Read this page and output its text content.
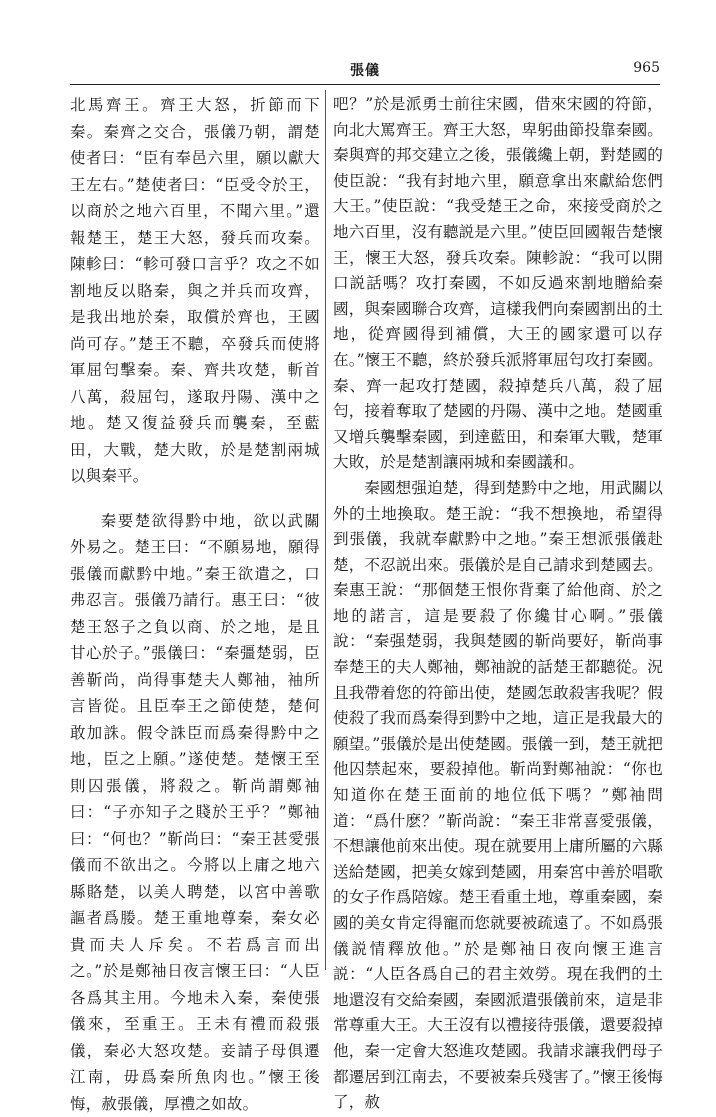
張儀	965

北馬齊王。齊王大怒，折節而下秦。秦齊之交合，張儀乃朝，謂楚使者曰：“臣有奉邑六里，願以獻大王左右。”楚使者曰：“臣受令於王，以商於之地六百里，不聞六里。”還報楚王，楚王大怒，發兵而攻秦。陳軫曰：“軫可發口言乎？攻之不如割地反以賂秦，與之并兵而攻齊，是我出地於秦，取償於齊也，王國尚可存。”楚王不聽，卒發兵而使將軍屈匄擊秦。秦、齊共攻楚，斬首八萬，殺屈匄，遂取丹陽、漢中之地。楚又復益發兵而襲秦，至藍田，大戰，楚大敗，於是楚割兩城以與秦平。

秦要楚欲得黔中地，欲以武關外易之。楚王曰：“不願易地，願得張儀而獻黔中地。”秦王欲遣之，口弗忍言。張儀乃請行。惠王曰：“彼楚王怒子之負以商、於之地，是且甘心於子。”張儀曰：“秦彊楚弱，臣善靳尚，尚得事楚夫人鄭袖，袖所言皆從。且臣奉王之節使楚，楚何敢加誅。假令誅臣而爲秦得黔中之地，臣之上願。”遂使楚。楚懷王至則囚張儀，將殺之。靳尚謂鄭袖曰：“子亦知子之賤於王乎？”鄭袖曰：“何也？”靳尚曰：“秦王甚愛張儀而不欲出之。今將以上庸之地六縣賂楚，以美人聘楚，以宮中善歌謳者爲媵。楚王重地尊秦，秦女必貴而夫人斥矣。不若爲言而出之。”於是鄭袖日夜言懷王曰：“人臣各爲其主用。今地未入秦，秦使張儀來，至重王。王未有禮而殺張儀，秦必大怒攻楚。妾請子母俱遷江南，毋爲秦所魚肉也。”懷王後悔，赦張儀，厚禮之如故。

吧？”於是派勇士前往宋國，借來宋國的符節，向北大罵齊王。齊王大怒，卑躬曲節投靠秦國。秦與齊的邦交建立之後，張儀纔上朝，對楚國的使臣說：“我有封地六里，願意拿出來獻給您們大王。”使臣說：“我受楚王之命，來接受商於之地六百里，沒有聽説是六里。”使臣回國報告楚懷王，懷王大怒，發兵攻秦。陳軫說：“我可以開口説話嗎？攻打秦國，不如反過來割地贈給秦國，與秦國聯合攻齊，這樣我們向秦國割出的土地，從齊國得到補償，大王的國家還可以存在。”懷王不聽，終於發兵派將軍屈匄攻打秦國。秦、齊一起攻打楚國，殺掉楚兵八萬，殺了屈匄，接着奪取了楚國的丹陽、漢中之地。楚國重又增兵襲擊秦國，到達藍田，和秦軍大戰，楚軍大敗，於是楚割讓兩城和秦國議和。

秦國想强迫楚，得到楚黔中之地，用武關以外的土地換取。楚王說：“我不想換地，希望得到張儀，我就奉獻黔中之地。”秦王想派張儀赴楚，不忍説出來。張儀於是自己請求到楚國去。秦惠王說：“那個楚王恨你背棄了給他商、於之地的諾言，這是要殺了你纔甘心啊。”張儀說：“秦强楚弱，我與楚國的靳尚要好，靳尚事奉楚王的夫人鄭袖，鄭袖說的話楚王都聽從。況且我帶着您的符節出使，楚國怎敢殺害我呢？假使殺了我而爲秦得到黔中之地，這正是我最大的願望。”張儀於是出使楚國。張儀一到，楚王就把他囚禁起來，要殺掉他。靳尚對鄭袖說：“你也知道你在楚王面前的地位低下嗎？”鄭袖問道：“爲什麽？”靳尚說：“秦王非常喜愛張儀，不想讓他前來出使。現在就要用上庸所屬的六縣送給楚國，把美女嫁到楚國，用秦宮中善於唱歌的女子作爲陪嫁。楚王看重土地，尊重秦國，秦國的美女肯定得寵而您就要被疏遠了。不如爲張儀説情釋放他。”於是鄭袖日夜向懷王進言説：“人臣各爲自己的君主效勞。現在我們的土地還沒有交給秦國，秦國派遣張儀前來，這是非常尊重大王。大王沒有以禮接待張儀，還要殺掉他，秦一定會大怒進攻楚國。我請求讓我們母子都遷居到江南去，不要被秦兵殘害了。”懷王後悔了，赦
